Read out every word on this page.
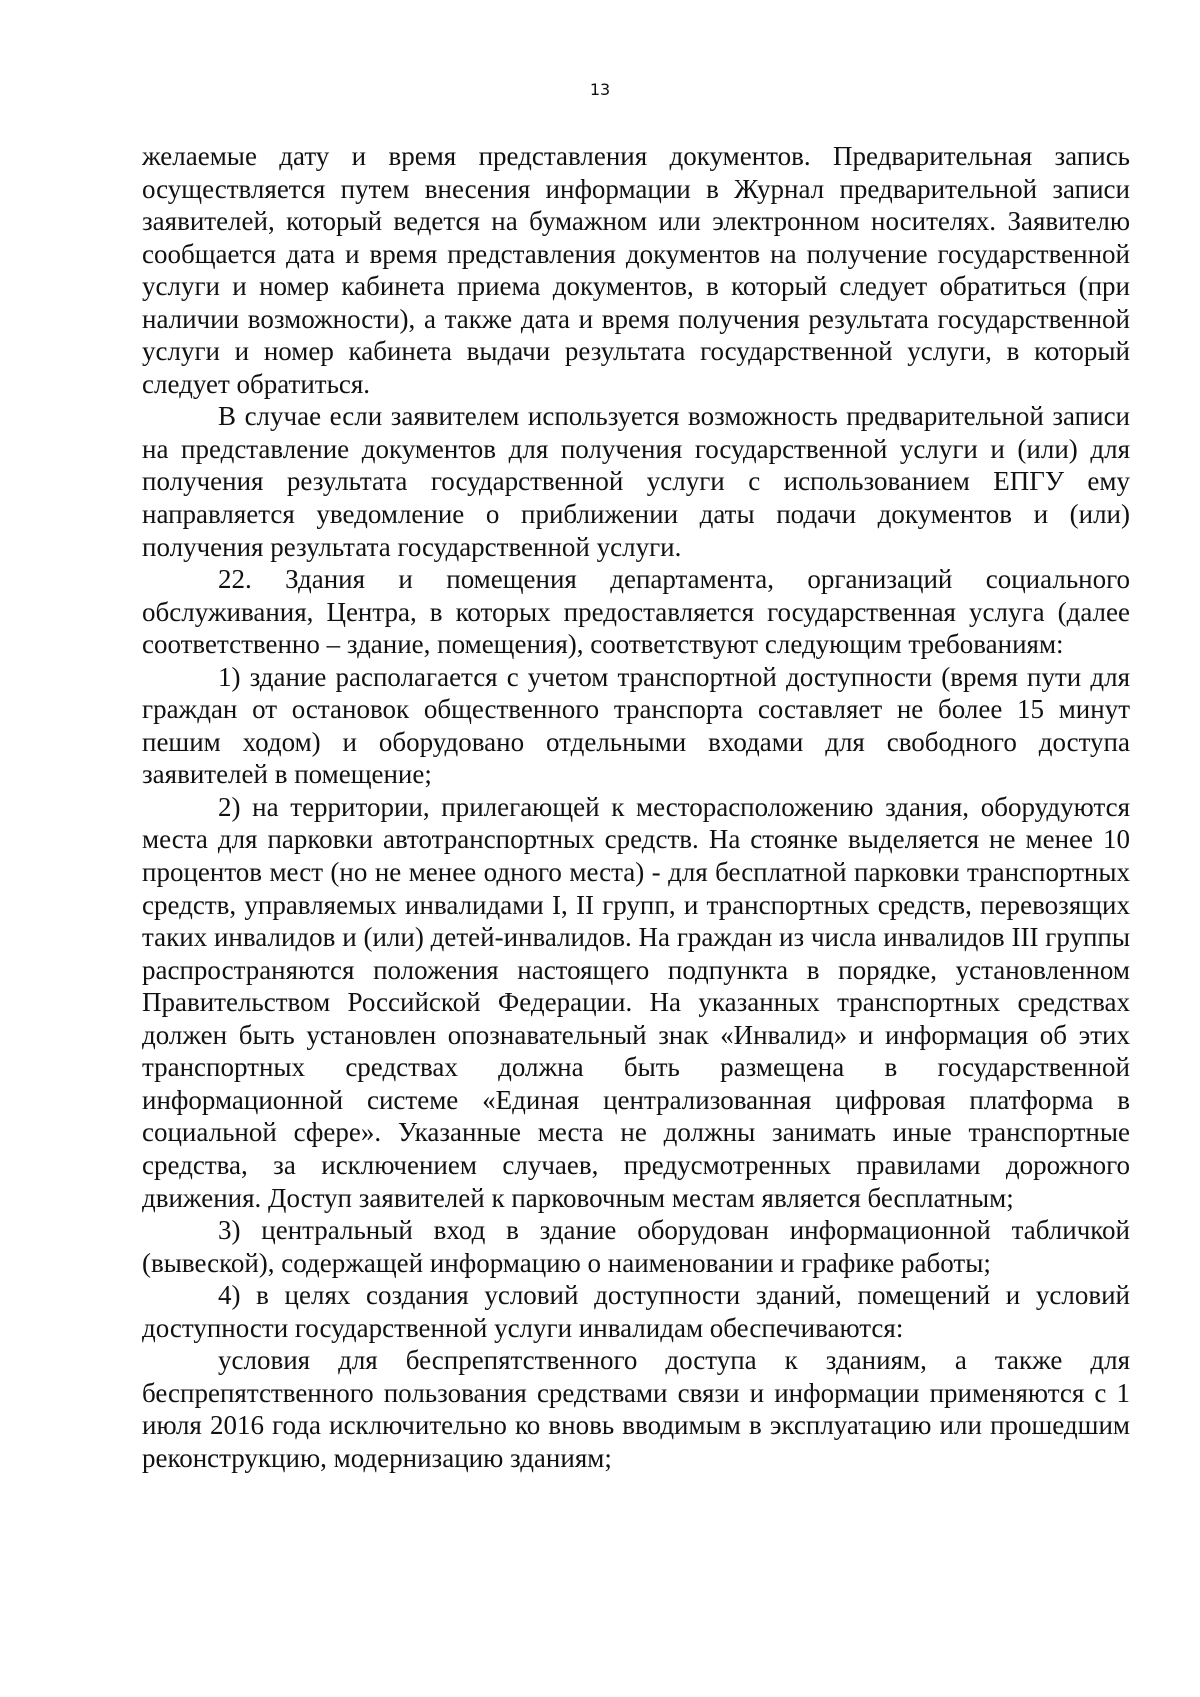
13

желаемые дату и время представления документов. Предварительная запись осуществляется путем внесения информации в Журнал предварительной записи заявителей, который ведется на бумажном или электронном носителях. Заявителю сообщается дата и время представления документов на получение государственной услуги и номер кабинета приема документов, в который следует обратиться (при наличии возможности), а также дата и время получения результата государственной услуги и номер кабинета выдачи результата государственной услуги, в который следует обратиться.

В случае если заявителем используется возможность предварительной записи на представление документов для получения государственной услуги и (или) для получения результата государственной услуги с использованием ЕПГУ ему направляется уведомление о приближении даты подачи документов и (или) получения результата государственной услуги.

22. Здания и помещения департамента, организаций социального обслуживания, Центра, в которых предоставляется государственная услуга (далее соответственно – здание, помещения), соответствуют следующим требованиям:

1) здание располагается с учетом транспортной доступности (время пути для граждан от остановок общественного транспорта составляет не более 15 минут пешим ходом) и оборудовано отдельными входами для свободного доступа заявителей в помещение;

2) на территории, прилегающей к месторасположению здания, оборудуются места для парковки автотранспортных средств. На стоянке выделяется не менее 10 процентов мест (но не менее одного места) - для бесплатной парковки транспортных средств, управляемых инвалидами I, II групп, и транспортных средств, перевозящих таких инвалидов и (или) детей-инвалидов. На граждан из числа инвалидов III группы распространяются положения настоящего подпункта в порядке, установленном Правительством Российской Федерации. На указанных транспортных средствах должен быть установлен опознавательный знак «Инвалид» и информация об этих транспортных средствах должна быть размещена в государственной информационной системе «Единая централизованная цифровая платформа в социальной сфере». Указанные места не должны занимать иные транспортные средства, за исключением случаев, предусмотренных правилами дорожного движения. Доступ заявителей к парковочным местам является бесплатным;

3) центральный вход в здание оборудован информационной табличкой (вывеской), содержащей информацию о наименовании и графике работы;

4) в целях создания условий доступности зданий, помещений и условий доступности государственной услуги инвалидам обеспечиваются:

условия для беспрепятственного доступа к зданиям, а также для беспрепятственного пользования средствами связи и информации применяются с 1 июля 2016 года исключительно ко вновь вводимым в эксплуатацию или прошедшим реконструкцию, модернизацию зданиям;
